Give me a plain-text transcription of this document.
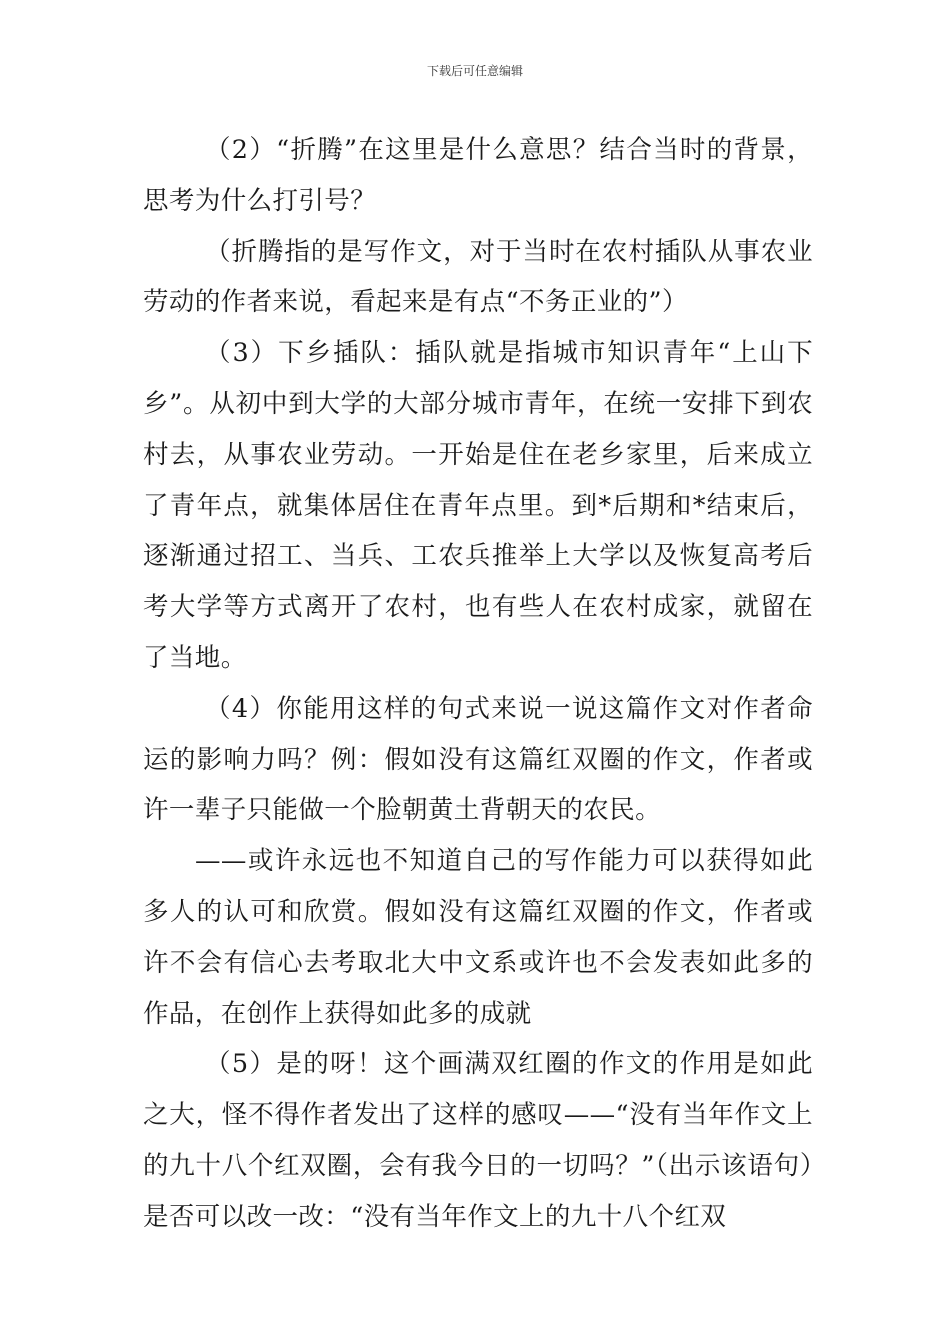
下载后可任意编辑

（2）“折腾”在这里是什么意思？结合当时的背景，思考为什么打引号？

（折腾指的是写作文，对于当时在农村插队从事农业劳动的作者来说，看起来是有点“不务正业的”）

（3）下乡插队：插队就是指城市知识青年“上山下乡”。从初中到大学的大部分城市青年，在统一安排下到农村去，从事农业劳动。一开始是住在老乡家里，后来成立了青年点，就集体居住在青年点里。到*后期和*结束后，逐渐通过招工、当兵、工农兵推举上大学以及恢复高考后考大学等方式离开了农村，也有些人在农村成家，就留在了当地。

（4）你能用这样的句式来说一说这篇作文对作者命运的影响力吗？例：假如没有这篇红双圈的作文，作者或许一辈子只能做一个脸朝黄土背朝天的农民。

——或许永远也不知道自己的写作能力可以获得如此多人的认可和欣赏。假如没有这篇红双圈的作文，作者或许不会有信心去考取北大中文系或许也不会发表如此多的作品，在创作上获得如此多的成就

（5）是的呀！这个画满双红圈的作文的作用是如此之大，怪不得作者发出了这样的感叹——“没有当年作文上的九十八个红双圈，会有我今日的一切吗？”（出示该语句）是否可以改一改：“没有当年作文上的九十八个红双
